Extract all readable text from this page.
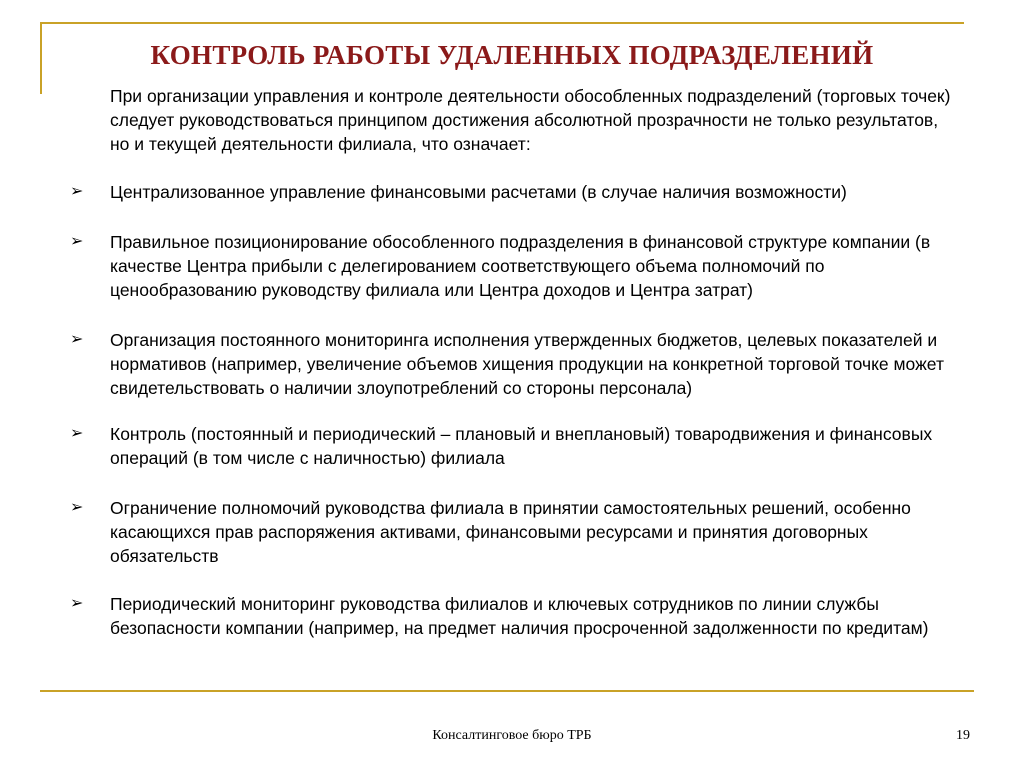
КОНТРОЛЬ РАБОТЫ УДАЛЕННЫХ ПОДРАЗДЕЛЕНИЙ
При организации управления и контроле деятельности обособленных подразделений (торговых точек) следует руководствоваться принципом достижения абсолютной прозрачности не только результатов, но и текущей деятельности филиала, что означает:
➢ Централизованное управление финансовыми расчетами (в случае наличия возможности)
➢ Правильное позиционирование обособленного подразделения в финансовой структуре компании (в качестве Центра прибыли с делегированием соответствующего объема полномочий по ценообразованию руководству филиала или Центра доходов и Центра затрат)
➢ Организация постоянного мониторинга исполнения утвержденных бюджетов, целевых показателей и нормативов (например, увеличение объемов хищения продукции на конкретной торговой точке может свидетельствовать о наличии злоупотреблений со стороны персонала)
➢ Контроль (постоянный и периодический – плановый и внеплановый) товародвижения и финансовых операций (в том числе с наличностью) филиала
➢ Ограничение полномочий руководства филиала в принятии самостоятельных решений, особенно касающихся прав распоряжения активами, финансовыми ресурсами и принятия договорных обязательств
➢ Периодический мониторинг руководства филиалов и ключевых сотрудников по линии службы безопасности компании (например, на предмет наличия просроченной задолженности по кредитам)
Консалтинговое бюро ТРБ	19
